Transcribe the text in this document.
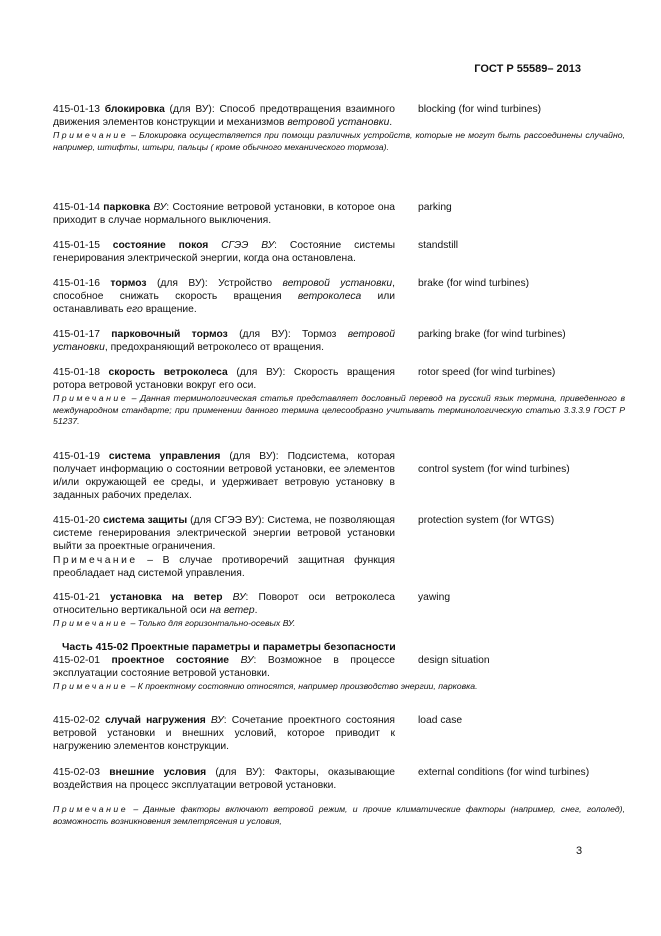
ГОСТ Р 55589– 2013
415-01-13 блокировка (для ВУ): Способ предотвращения взаимного движения элементов конструкции и механизмов ветровой установки.
Примечание – Блокировка осуществляется при помощи различных устройств, которые не могут быть рассоединены случайно, например, штифты, штыри, пальцы ( кроме обычного механического тормоза).
blocking (for wind turbines)
415-01-14 парковка ВУ: Состояние ветровой установки, в которое она приходит в случае нормального выключения.
parking
415-01-15 состояние покоя СГЭЭ ВУ: Состояние системы генерирования электрической энергии, когда она остановлена.
standstill
415-01-16 тормоз (для ВУ): Устройство ветровой установки, способное снижать скорость вращения ветроколеса или останавливать его вращение.
brake (for wind turbines)
415-01-17 парковочный тормоз (для ВУ): Тормоз ветровой установки, предохраняющий ветроколесо от вращения.
parking brake (for wind turbines)
415-01-18 скорость ветроколеса (для ВУ): Скорость вращения ротора ветровой установки вокруг его оси.
Примечание – Данная терминологическая статья представляет дословный перевод на русский язык термина, приведенного в международном стандарте; при применении данного термина целесообразно учитывать терминологическую статью 3.3.3.9 ГОСТ Р 51237.
rotor speed (for wind turbines)
415-01-19 система управления (для ВУ): Подсистема, которая получает информацию о состоянии ветровой установки, ее элементов и/или окружающей ее среды, и удерживает ветровую установку в заданных рабочих пределах.
control system (for wind turbines)
415-01-20 система защиты (для СГЭЭ ВУ): Система, не позволяющая системе генерирования электрической энергии ветровой установки выйти за проектные ограничения.
Примечание – В случае противоречий защитная функция преобладает над системой управления.
protection system (for WTGS)
415-01-21 установка на ветер ВУ: Поворот оси ветроколеса относительно вертикальной оси на ветер.
Примечание – Только для горизонтально-осевых ВУ.
yawing
Часть 415-02 Проектные параметры и параметры безопасности
415-02-01 проектное состояние ВУ: Возможное в процессе эксплуатации состояние ветровой установки.
Примечание – К проектному состоянию относятся, например производство энергии, парковка.
design situation
415-02-02 случай нагружения ВУ: Сочетание проектного состояния ветровой установки и внешних условий, которое приводит к нагружению элементов конструкции.
load case
415-02-03 внешние условия (для ВУ): Факторы, оказывающие воздействия на процесс эксплуатации ветровой установки.
Примечание – Данные факторы включают ветровой режим, и прочие климатические факторы (например, снег, гололед), возможность возникновения землетрясения и условия,
external conditions (for wind turbines)
3
